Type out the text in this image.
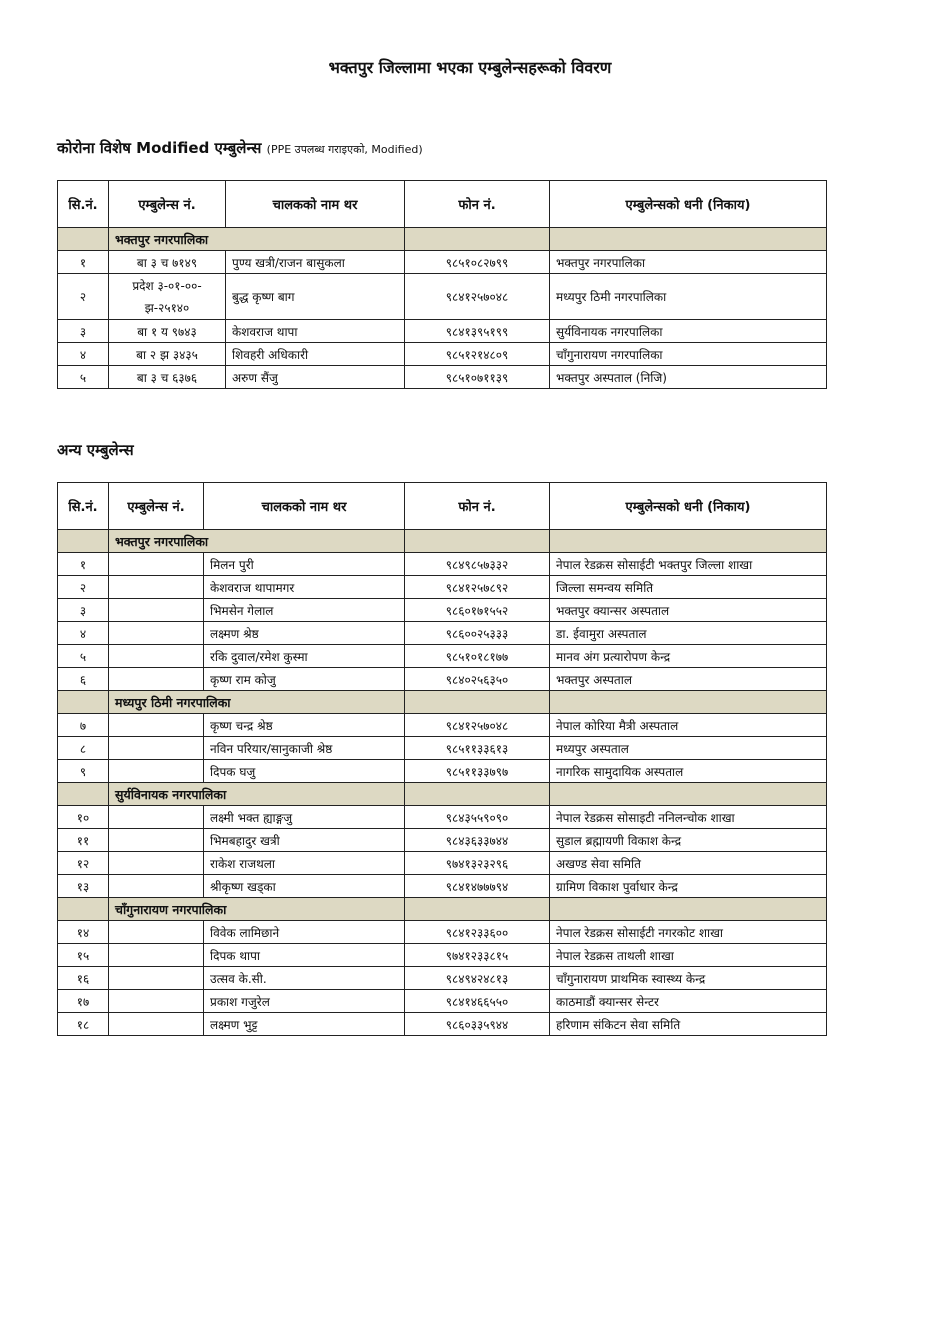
भक्तपुर जिल्लामा भएका एम्बुलेन्सहरूको विवरण
कोरोना विशेष Modified एम्बुलेन्स (PPE उपलब्ध गराइएको, Modified)
सि.नं.	एम्बुलेन्स नं.	चालकको नाम थर	फोन नं.	एम्बुलेन्सको धनी (निकाय)
	भक्तपुर नगरपालिका			
१	बा ३ च ७१४९	पुण्य खत्री/राजन बासुकला	९८५१०८२७९९	भक्तपुर नगरपालिका
२	प्रदेश ३-०१-००-झ-२५१४०	बुद्ध कृष्ण बाग	९८४१२५७०४८	मध्यपुर ठिमी नगरपालिका
३	बा १ य ९७४३	केशवराज थापा	९८४१३९५१९९	सुर्यविनायक नगरपालिका
४	बा २ झ ३४३५	शिवहरी अधिकारी	९८५१२१४८०९	चाँगुनारायण नगरपालिका
५	बा ३ च ६३७६	अरुण सैंजु	९८५१०७११३९	भक्तपुर अस्पताल (निजि)
अन्य एम्बुलेन्स
सि.नं.	एम्बुलेन्स नं.	चालकको नाम थर	फोन नं.	एम्बुलेन्सको धनी (निकाय)
	भक्तपुर नगरपालिका			
१		मिलन पुरी	९८४९८५७३३२	नेपाल रेडक्रस सोसाईटी भक्तपुर जिल्ला शाखा
२		केशवराज थापामगर	९८४१२५७८९२	जिल्ला समन्वय समिति
३		भिमसेन गेलाल	९८६०१७१५५२	भक्तपुर क्यान्सर अस्पताल
४		लक्ष्मण श्रेष्ठ	९८६००२५३३३	डा. ईवामुरा अस्पताल
५		रकि दुवाल/रमेश कुस्मा	९८५१०१८१७७	मानव अंग प्रत्यारोपण केन्द्र
६		कृष्ण राम कोजु	९८४०२५६३५०	भक्तपुर अस्पताल
	मध्यपुर ठिमी नगरपालिका			
७		कृष्ण चन्द्र श्रेष्ठ	९८४१२५७०४८	नेपाल कोरिया मैत्री अस्पताल
८		नविन परियार/सानुकाजी श्रेष्ठ	९८५११३३६१३	मध्यपुर अस्पताल
९		दिपक घजु	९८५११३३७९७	नागरिक सामुदायिक अस्पताल
	सुर्यविनायक नगरपालिका			
१०		लक्ष्मी भक्त ह्याङ्गजु	९८४३५५९०९०	नेपाल रेडक्रस सोसाइटी ननिलन्चोक शाखा
११		भिमबहादुर खत्री	९८४३६३३७४४	सुडाल ब्रह्मायणी विकाश केन्द्र
१२		राकेश राजथला	९७४१३२३२९६	अखण्ड सेवा समिति
१३		श्रीकृष्ण खड्का	९८४१४७७७९४	ग्रामिण विकाश पुर्वाधार केन्द्र
	चाँगुनारायण नगरपालिका			
१४		विवेक लामिछाने	९८४१२३३६००	नेपाल रेडक्रस सोसाईटी नगरकोट शाखा
१५		दिपक थापा	९७४१२३३८१५	नेपाल रेडक्रस ताथली शाखा
१६		उत्सव के.सी.	९८४९४२४८१३	चाँगुनारायण प्राथमिक स्वास्थ्य केन्द्र
१७		प्रकाश गजुरेल	९८४१४६६५५०	काठमाडौं क्यान्सर सेन्टर
१८		लक्ष्मण भुट्ट	९८६०३३५९४४	हरिणाम संकिटन सेवा समिति
